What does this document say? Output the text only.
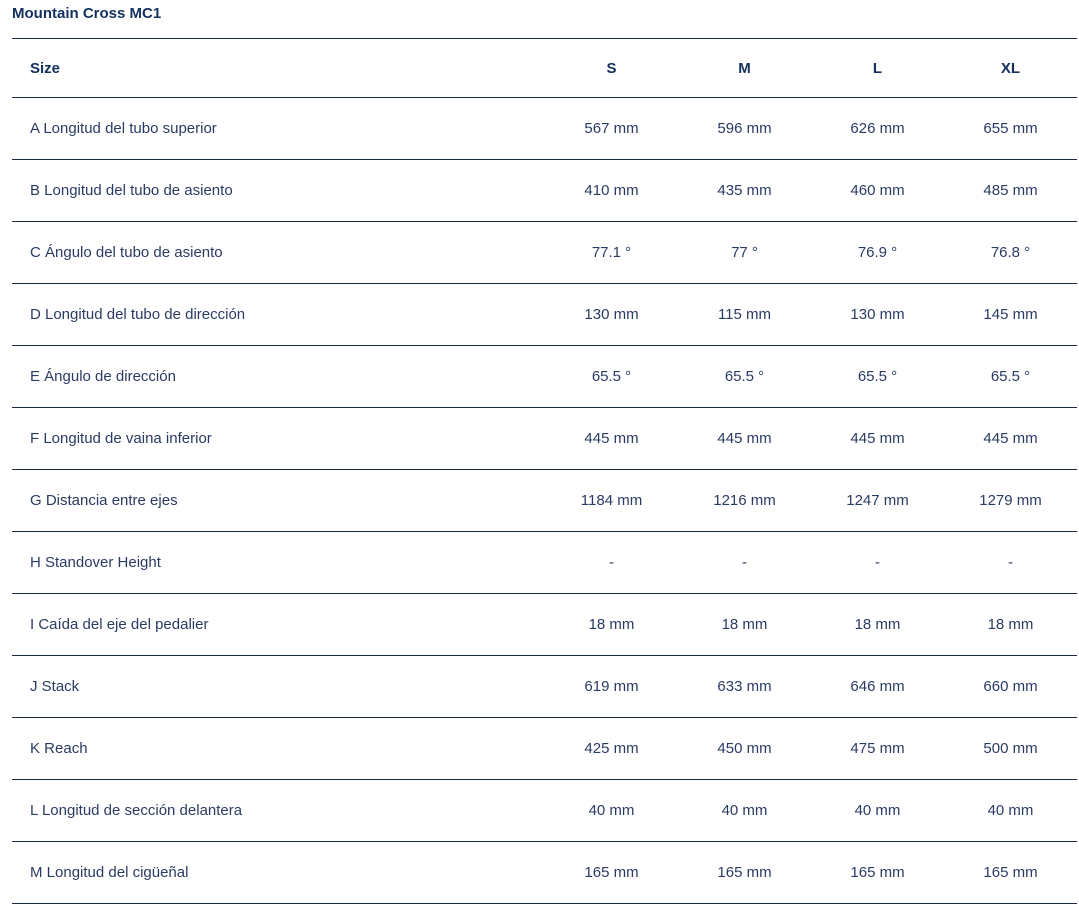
Mountain Cross MC1
Size	S	M	L	XL
A Longitud del tubo superior	567 mm	596 mm	626 mm	655 mm
B Longitud del tubo de asiento	410 mm	435 mm	460 mm	485 mm
C Ángulo del tubo de asiento	77.1 °	77 °	76.9 °	76.8 °
D Longitud del tubo de dirección	130 mm	115 mm	130 mm	145 mm
E Ángulo de dirección	65.5 °	65.5 °	65.5 °	65.5 °
F Longitud de vaina inferior	445 mm	445 mm	445 mm	445 mm
G Distancia entre ejes	1184 mm	1216 mm	1247 mm	1279 mm
H Standover Height	-	-	-	-
I Caída del eje del pedalier	18 mm	18 mm	18 mm	18 mm
J Stack	619 mm	633 mm	646 mm	660 mm
K Reach	425 mm	450 mm	475 mm	500 mm
L Longitud de sección delantera	40 mm	40 mm	40 mm	40 mm
M Longitud del cigüeñal	165 mm	165 mm	165 mm	165 mm
